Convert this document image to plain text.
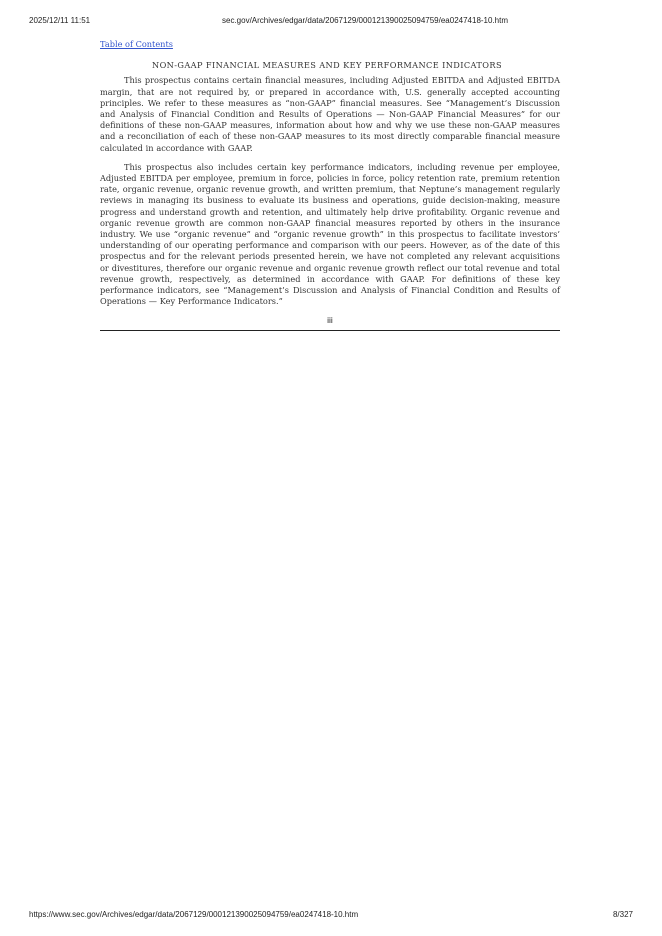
2025/12/11 11:51	sec.gov/Archives/edgar/data/2067129/000121390025094759/ea0247418-10.htm
Table of Contents
NON-GAAP FINANCIAL MEASURES AND KEY PERFORMANCE INDICATORS

This prospectus contains certain financial measures, including Adjusted EBITDA and Adjusted EBITDA margin, that are not required by, or prepared in accordance with, U.S. generally accepted accounting principles. We refer to these measures as “non-GAAP” financial measures. See “Management’s Discussion and Analysis of Financial Condition and Results of Operations — Non-GAAP Financial Measures” for our definitions of these non-GAAP measures, information about how and why we use these non-GAAP measures and a reconciliation of each of these non-GAAP measures to its most directly comparable financial measure calculated in accordance with GAAP.

This prospectus also includes certain key performance indicators, including revenue per employee, Adjusted EBITDA per employee, premium in force, policies in force, policy retention rate, premium retention rate, organic revenue, organic revenue growth, and written premium, that Neptune’s management regularly reviews in managing its business to evaluate its business and operations, guide decision-making, measure progress and understand growth and retention, and ultimately help drive profitability. Organic revenue and organic revenue growth are common non-GAAP financial measures reported by others in the insurance industry. We use “organic revenue” and “organic revenue growth” in this prospectus to facilitate investors’ understanding of our operating performance and comparison with our peers. However, as of the date of this prospectus and for the relevant periods presented herein, we have not completed any relevant acquisitions or divestitures, therefore our organic revenue and organic revenue growth reflect our total revenue and total revenue growth, respectively, as determined in accordance with GAAP. For definitions of these key performance indicators, see “Management’s Discussion and Analysis of Financial Condition and Results of Operations — Key Performance Indicators.”

iii
https://www.sec.gov/Archives/edgar/data/2067129/000121390025094759/ea0247418-10.htm	8/327
